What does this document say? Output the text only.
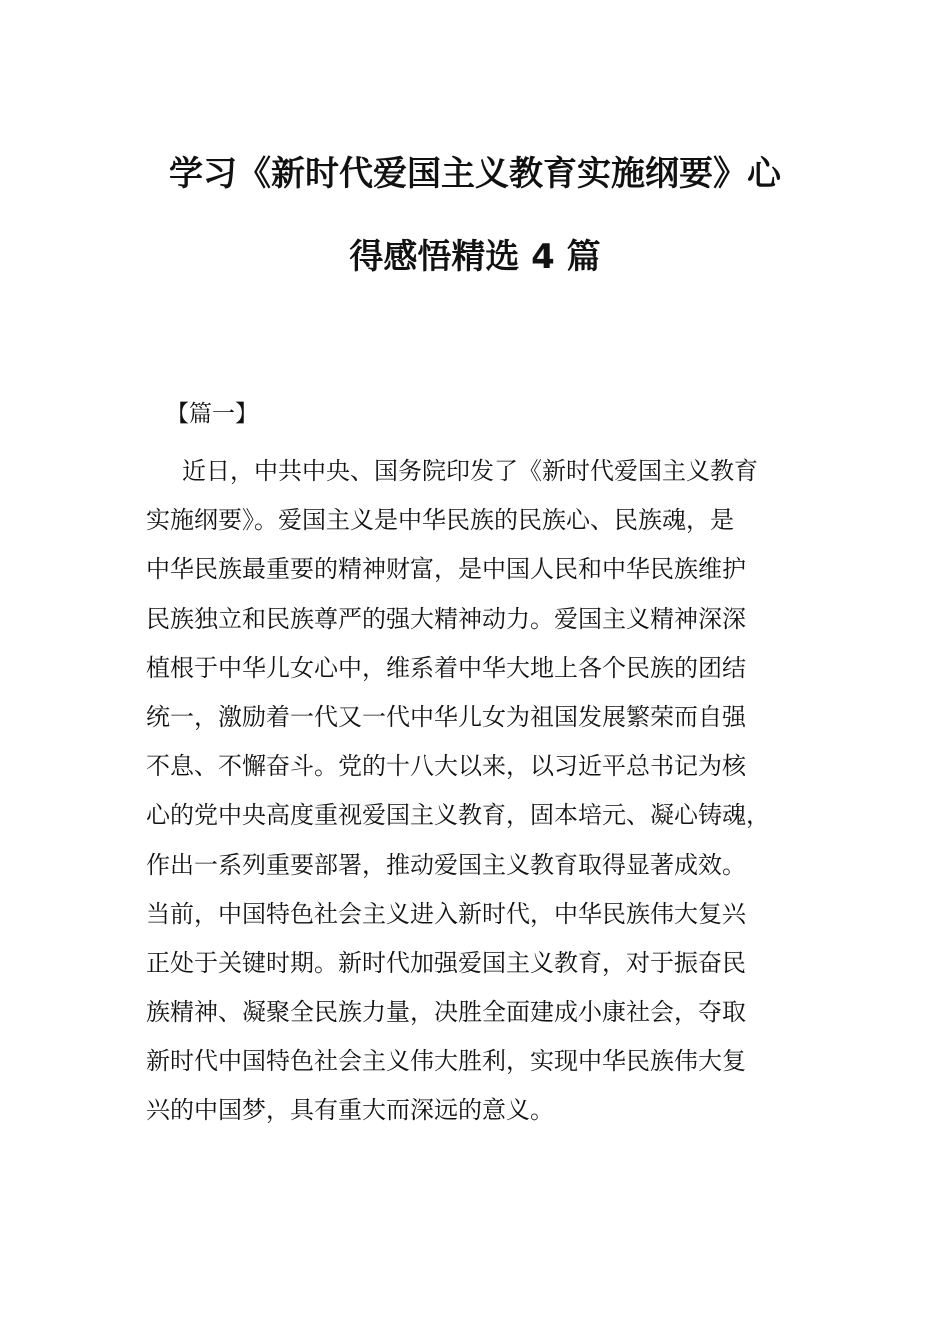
学习《新时代爱国主义教育实施纲要》心
得感悟精选 4 篇
【篇一】
近日，中共中央、国务院印发了《新时代爱国主义教育
实施纲要》。爱国主义是中华民族的民族心、民族魂，是
中华民族最重要的精神财富，是中国人民和中华民族维护
民族独立和民族尊严的强大精神动力。爱国主义精神深深
植根于中华儿女心中，维系着中华大地上各个民族的团结
统一，激励着一代又一代中华儿女为祖国发展繁荣而自强
不息、不懈奋斗。党的十八大以来，以习近平总书记为核
心的党中央高度重视爱国主义教育，固本培元、凝心铸魂，
作出一系列重要部署，推动爱国主义教育取得显著成效。
当前，中国特色社会主义进入新时代，中华民族伟大复兴
正处于关键时期。新时代加强爱国主义教育，对于振奋民
族精神、凝聚全民族力量，决胜全面建成小康社会，夺取
新时代中国特色社会主义伟大胜利，实现中华民族伟大复
兴的中国梦，具有重大而深远的意义。
